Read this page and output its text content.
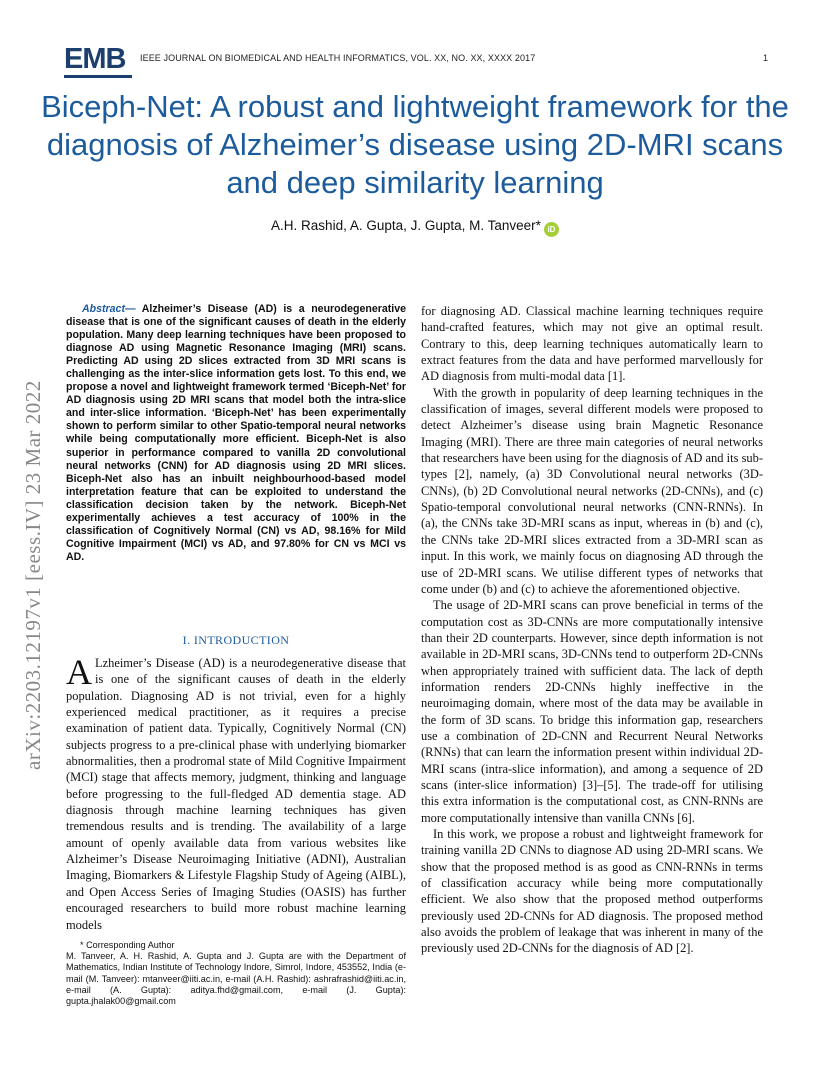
EMB	IEEE JOURNAL ON BIOMEDICAL AND HEALTH INFORMATICS, VOL. XX, NO. XX, XXXX 2017	1
Biceph-Net: A robust and lightweight framework for the diagnosis of Alzheimer’s disease using 2D-MRI scans and deep similarity learning
A.H. Rashid, A. Gupta, J. Gupta, M. Tanveer* iD
arXiv:2203.12197v1 [eess.IV] 23 Mar 2022

Abstract— Alzheimer’s Disease (AD) is a neurodegenerative disease that is one of the significant causes of death in the elderly population. Many deep learning techniques have been proposed to diagnose AD using Magnetic Resonance Imaging (MRI) scans. Predicting AD using 2D slices extracted from 3D MRI scans is challenging as the inter-slice information gets lost. To this end, we propose a novel and lightweight framework termed ‘Biceph-Net’ for AD diagnosis using 2D MRI scans that model both the intra-slice and inter-slice information. ‘Biceph-Net’ has been experimentally shown to perform similar to other Spatio-temporal neural networks while being computationally more efficient. Biceph-Net is also superior in performance compared to vanilla 2D convolutional neural networks (CNN) for AD diagnosis using 2D MRI slices. Biceph-Net also has an inbuilt neighbourhood-based model interpretation feature that can be exploited to understand the classification decision taken by the network. Biceph-Net experimentally achieves a test accuracy of 100% in the classification of Cognitively Normal (CN) vs AD, 98.16% for Mild Cognitive Impairment (MCI) vs AD, and 97.80% for CN vs MCI vs AD.

I. INTRODUCTION

A Lzheimer’s Disease (AD) is a neurodegenerative disease that is one of the significant causes of death in the elderly population. Diagnosing AD is not trivial, even for a highly experienced medical practitioner, as it requires a precise examination of patient data. Typically, Cognitively Normal (CN) subjects progress to a pre-clinical phase with underlying biomarker abnormalities, then a prodromal state of Mild Cognitive Impairment (MCI) stage that affects memory, judgment, thinking and language before progressing to the full-fledged AD dementia stage. AD diagnosis through machine learning techniques has given tremendous results and is trending. The availability of a large amount of openly available data from various websites like Alzheimer’s Disease Neuroimaging Initiative (ADNI), Australian Imaging, Biomarkers & Lifestyle Flagship Study of Ageing (AIBL), and Open Access Series of Imaging Studies (OASIS) has further encouraged researchers to build more robust machine learning models

* Corresponding Author
M. Tanveer, A. H. Rashid, A. Gupta and J. Gupta are with the Department of Mathematics, Indian Institute of Technology Indore, Simrol, Indore, 453552, India (e-mail (M. Tanveer): mtanveer@iiti.ac.in, e-mail (A.H. Rashid): ashrafrashid@iiti.ac.in, e-mail (A. Gupta): aditya.fhd@gmail.com, e-mail (J. Gupta): gupta.jhalak00@gmail.com

for diagnosing AD. Classical machine learning techniques require hand-crafted features, which may not give an optimal result. Contrary to this, deep learning techniques automatically learn to extract features from the data and have performed marvellously for AD diagnosis from multi-modal data [1].

With the growth in popularity of deep learning techniques in the classification of images, several different models were proposed to detect Alzheimer’s disease using brain Magnetic Resonance Imaging (MRI). There are three main categories of neural networks that researchers have been using for the diagnosis of AD and its sub-types [2], namely, (a) 3D Convolutional neural networks (3D-CNNs), (b) 2D Convolutional neural networks (2D-CNNs), and (c) Spatio-temporal convolutional neural networks (CNN-RNNs). In (a), the CNNs take 3D-MRI scans as input, whereas in (b) and (c), the CNNs take 2D-MRI slices extracted from a 3D-MRI scan as input. In this work, we mainly focus on diagnosing AD through the use of 2D-MRI scans. We utilise different types of networks that come under (b) and (c) to achieve the aforementioned objective.

The usage of 2D-MRI scans can prove beneficial in terms of the computation cost as 3D-CNNs are more computationally intensive than their 2D counterparts. However, since depth information is not available in 2D-MRI scans, 3D-CNNs tend to outperform 2D-CNNs when appropriately trained with sufficient data. The lack of depth information renders 2D-CNNs highly ineffective in the neuroimaging domain, where most of the data may be available in the form of 3D scans. To bridge this information gap, researchers use a combination of 2D-CNN and Recurrent Neural Networks (RNNs) that can learn the information present within individual 2D-MRI scans (intra-slice information), and among a sequence of 2D scans (inter-slice information) [3]–[5]. The trade-off for utilising this extra information is the computational cost, as CNN-RNNs are more computationally intensive than vanilla CNNs [6].

In this work, we propose a robust and lightweight framework for training vanilla 2D CNNs to diagnose AD using 2D-MRI scans. We show that the proposed method is as good as CNN-RNNs in terms of classification accuracy while being more computationally efficient. We also show that the proposed method outperforms previously used 2D-CNNs for AD diagnosis. The proposed method also avoids the problem of leakage that was inherent in many of the previously used 2D-CNNs for the diagnosis of AD [2].
